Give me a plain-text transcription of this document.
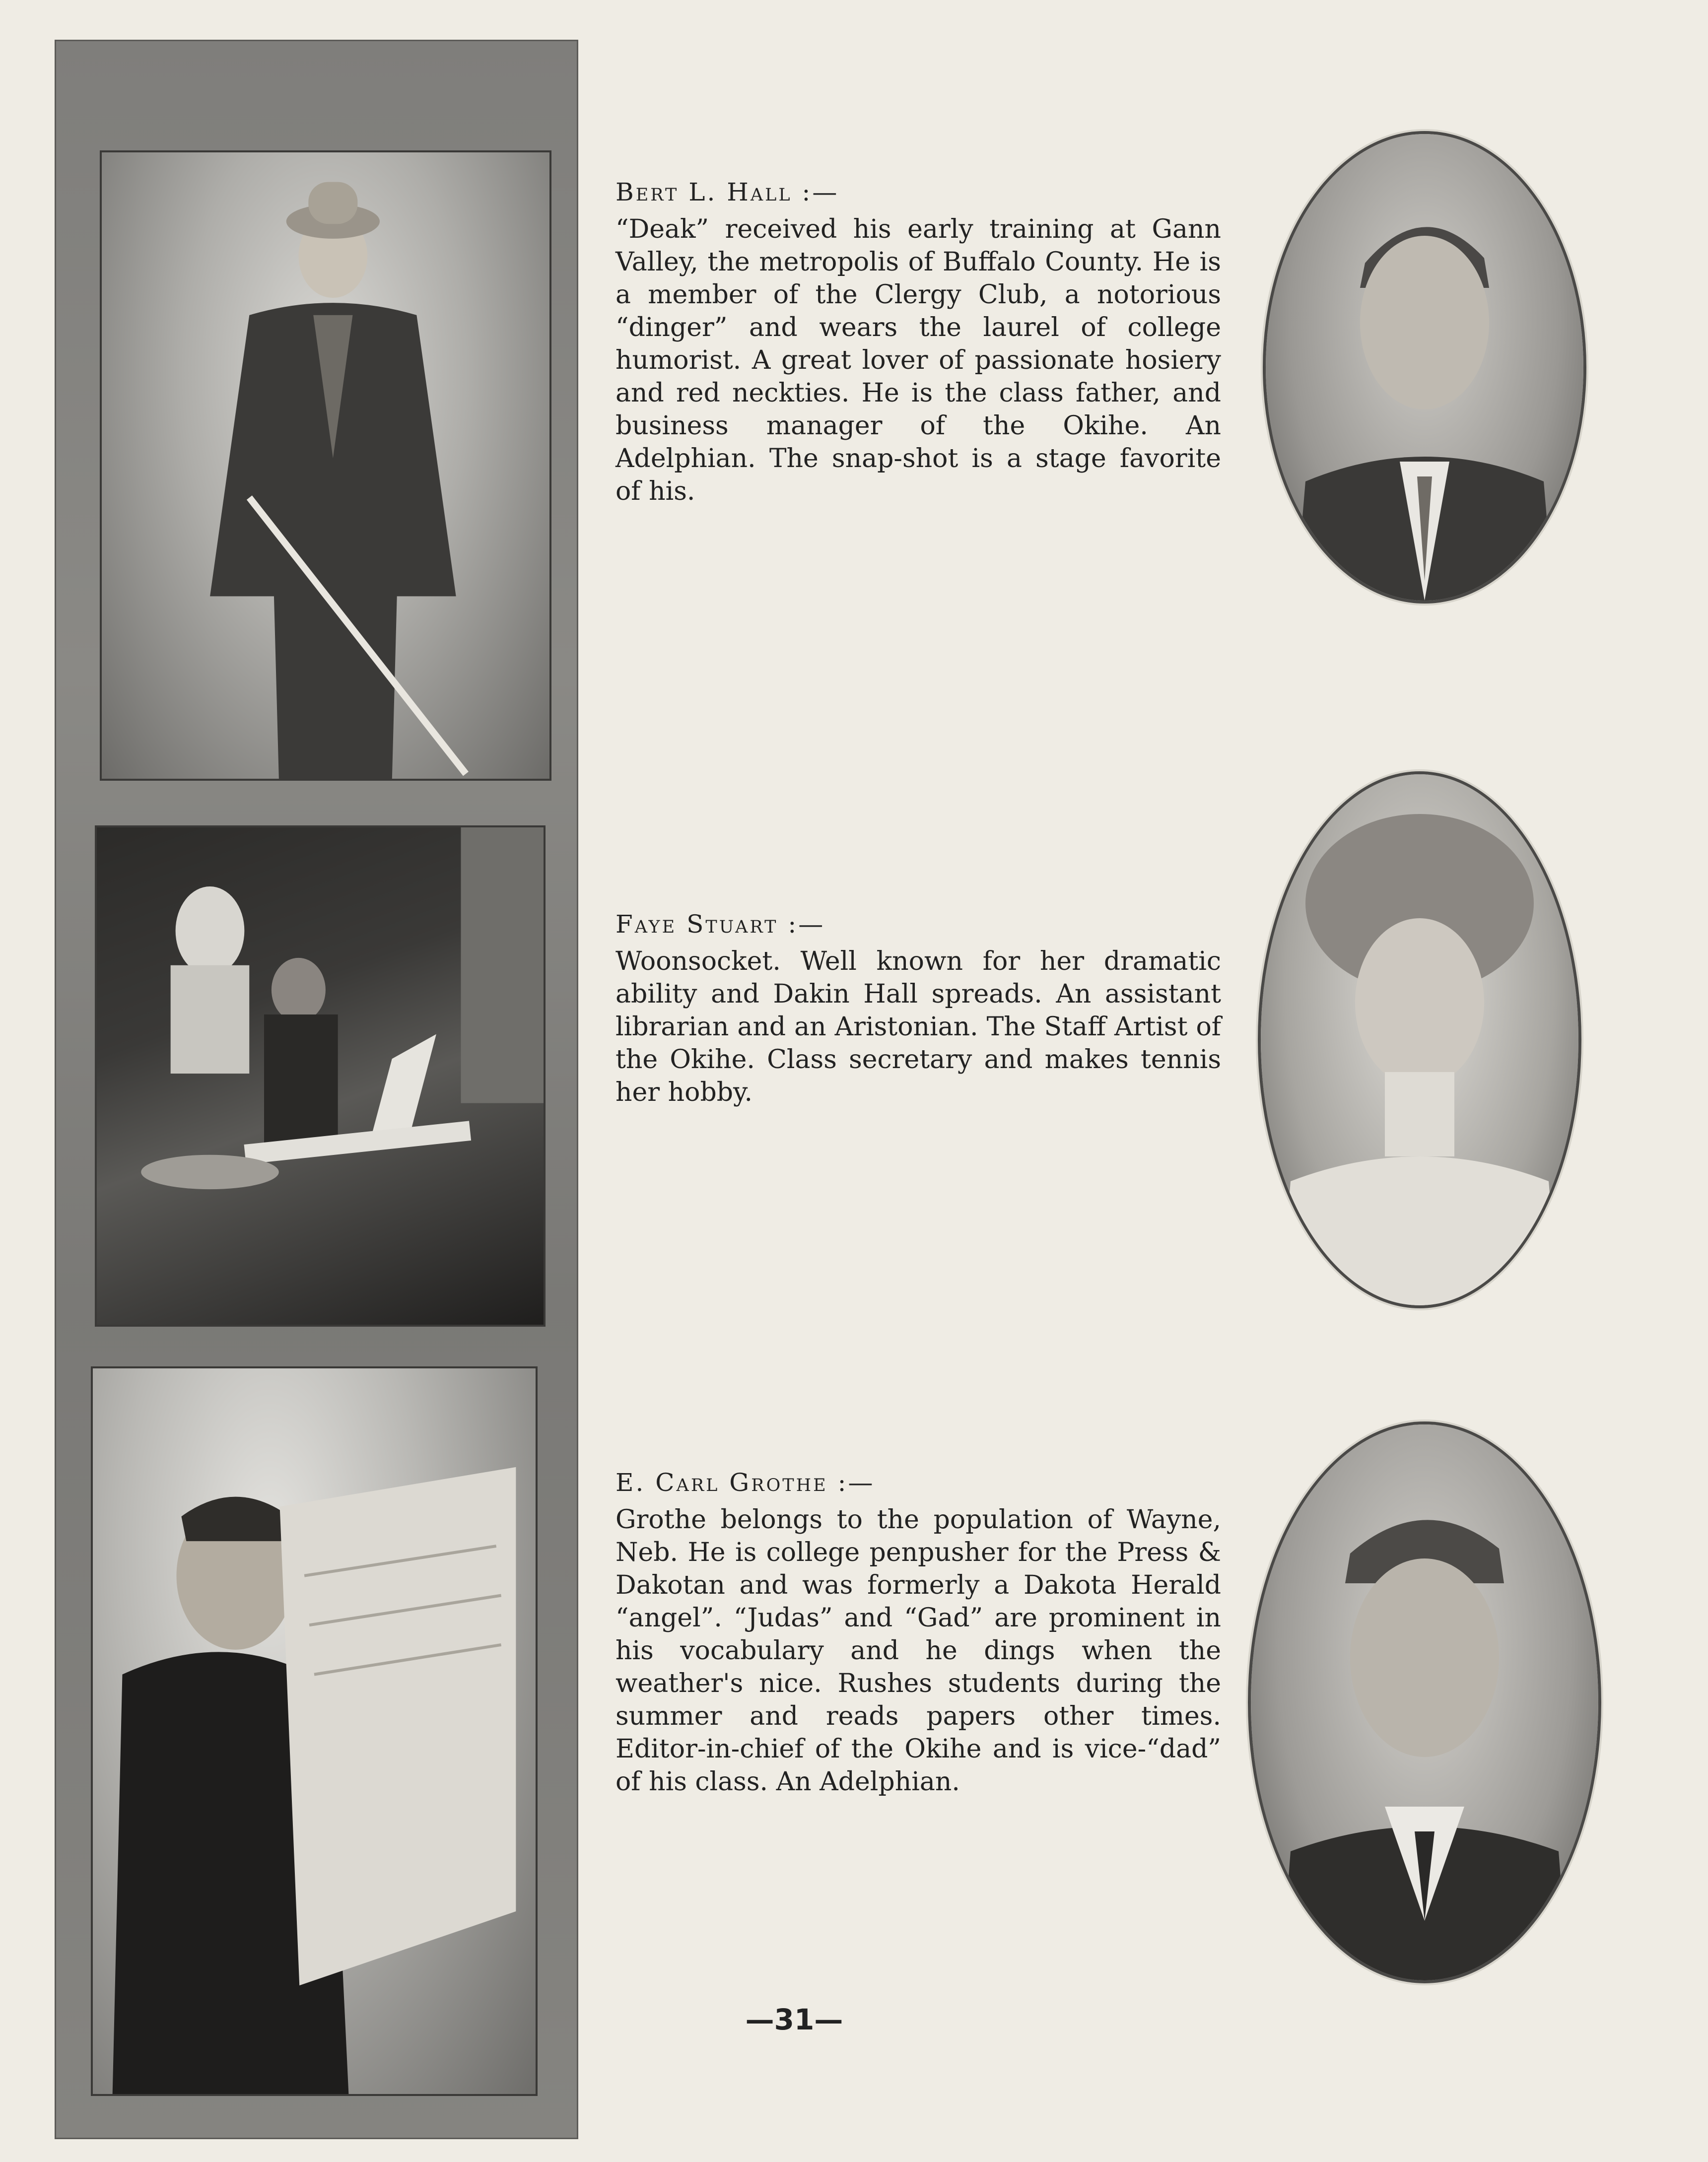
Bert L. Hall :—

“Deak” received his early training at Gann Valley, the metropolis of Buffalo County. He is a member of the Clergy Club, a notorious “dinger” and wears the laurel of college humorist. A great lover of passionate hosiery and red neckties. He is the class father, and business manager of the Okihe. An Adelphian. The snap-shot is a stage favorite of his.

Faye Stuart :—

Woonsocket. Well known for her dramatic ability and Dakin Hall spreads. An assistant librarian and an Aristonian. The Staff Artist of the Okihe. Class secretary and makes tennis her hobby.

E. Carl Grothe :—

Grothe belongs to the population of Wayne, Neb. He is college penpusher for the Press & Dakotan and was formerly a Dakota Herald “angel”. “Judas” and “Gad” are prominent in his vocabulary and he dings when the weather's nice. Rushes students during the summer and reads papers other times. Editor-in-chief of the Okihe and is vice-“dad” of his class. An Adelphian.

—31—
